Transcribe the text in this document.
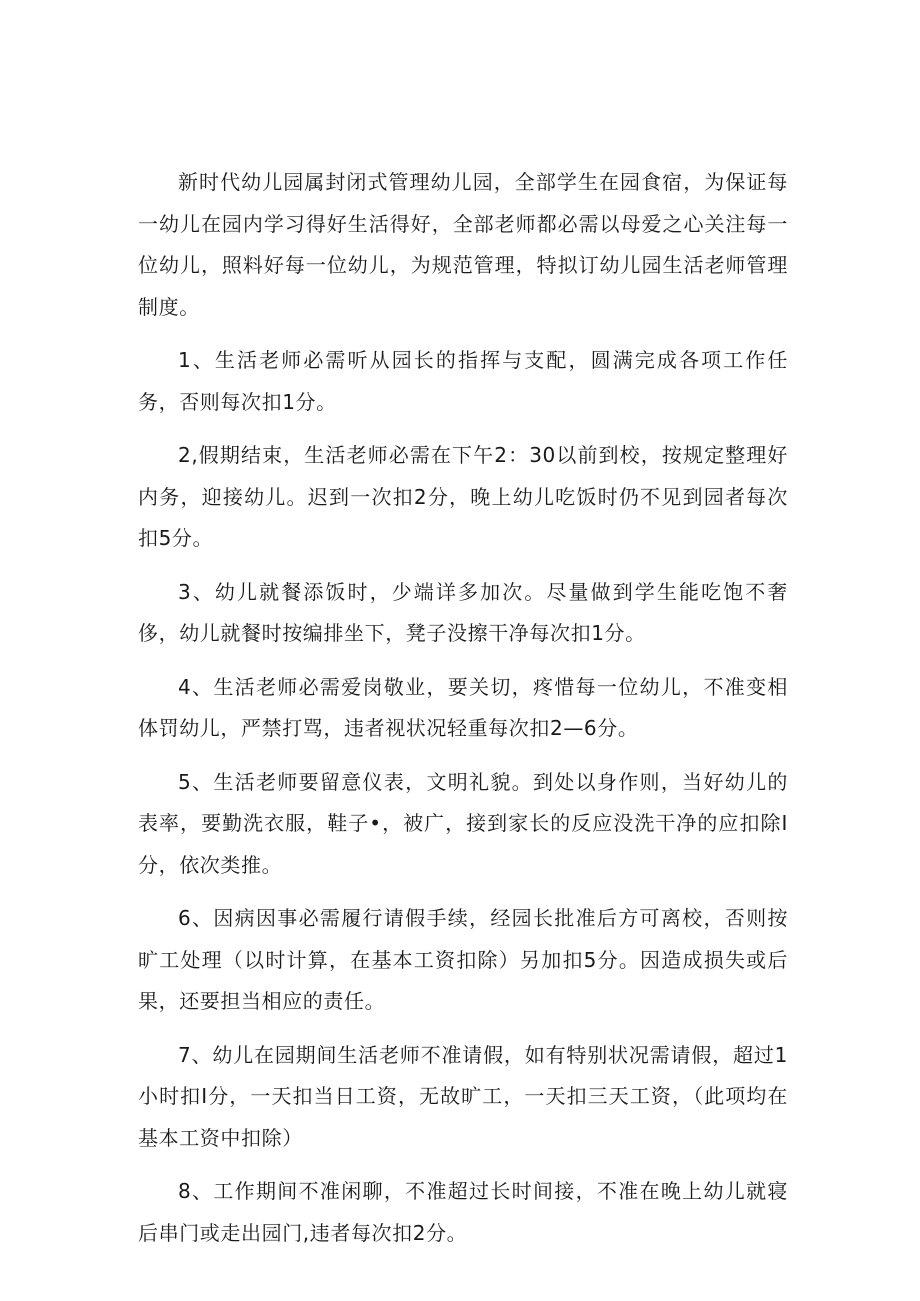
新时代幼儿园属封闭式管理幼儿园，全部学生在园食宿，为保证每一幼儿在园内学习得好生活得好，全部老师都必需以母爱之心关注每一位幼儿，照料好每一位幼儿，为规范管理，特拟订幼儿园生活老师管理制度。

1、生活老师必需听从园长的指挥与支配，圆满完成各项工作任务，否则每次扣1分。

2,假期结束，生活老师必需在下午2：30以前到校，按规定整理好内务，迎接幼儿。迟到一次扣2分，晚上幼儿吃饭时仍不见到园者每次扣5分。

3、幼儿就餐添饭时，少端详多加次。尽量做到学生能吃饱不奢侈，幼儿就餐时按编排坐下，凳子没擦干净每次扣1分。

4、生活老师必需爱岗敬业，要关切，疼惜每一位幼儿，不准变相体罚幼儿，严禁打骂，违者视状况轻重每次扣2—6分。

5、生活老师要留意仪表，文明礼貌。到处以身作则，当好幼儿的表率，要勤洗衣服，鞋子•，被广，接到家长的反应没洗干净的应扣除I分，依次类推。

6、因病因事必需履行请假手续，经园长批准后方可离校，否则按旷工处理（以时计算，在基本工资扣除）另加扣5分。因造成损失或后果，还要担当相应的责任。

7、幼儿在园期间生活老师不准请假，如有特别状况需请假，超过1小时扣I分，一天扣当日工资，无故旷工，一天扣三天工资，（此项均在基本工资中扣除）

8、工作期间不准闲聊，不准超过长时间接，不准在晚上幼儿就寝后串门或走出园门,违者每次扣2分。
